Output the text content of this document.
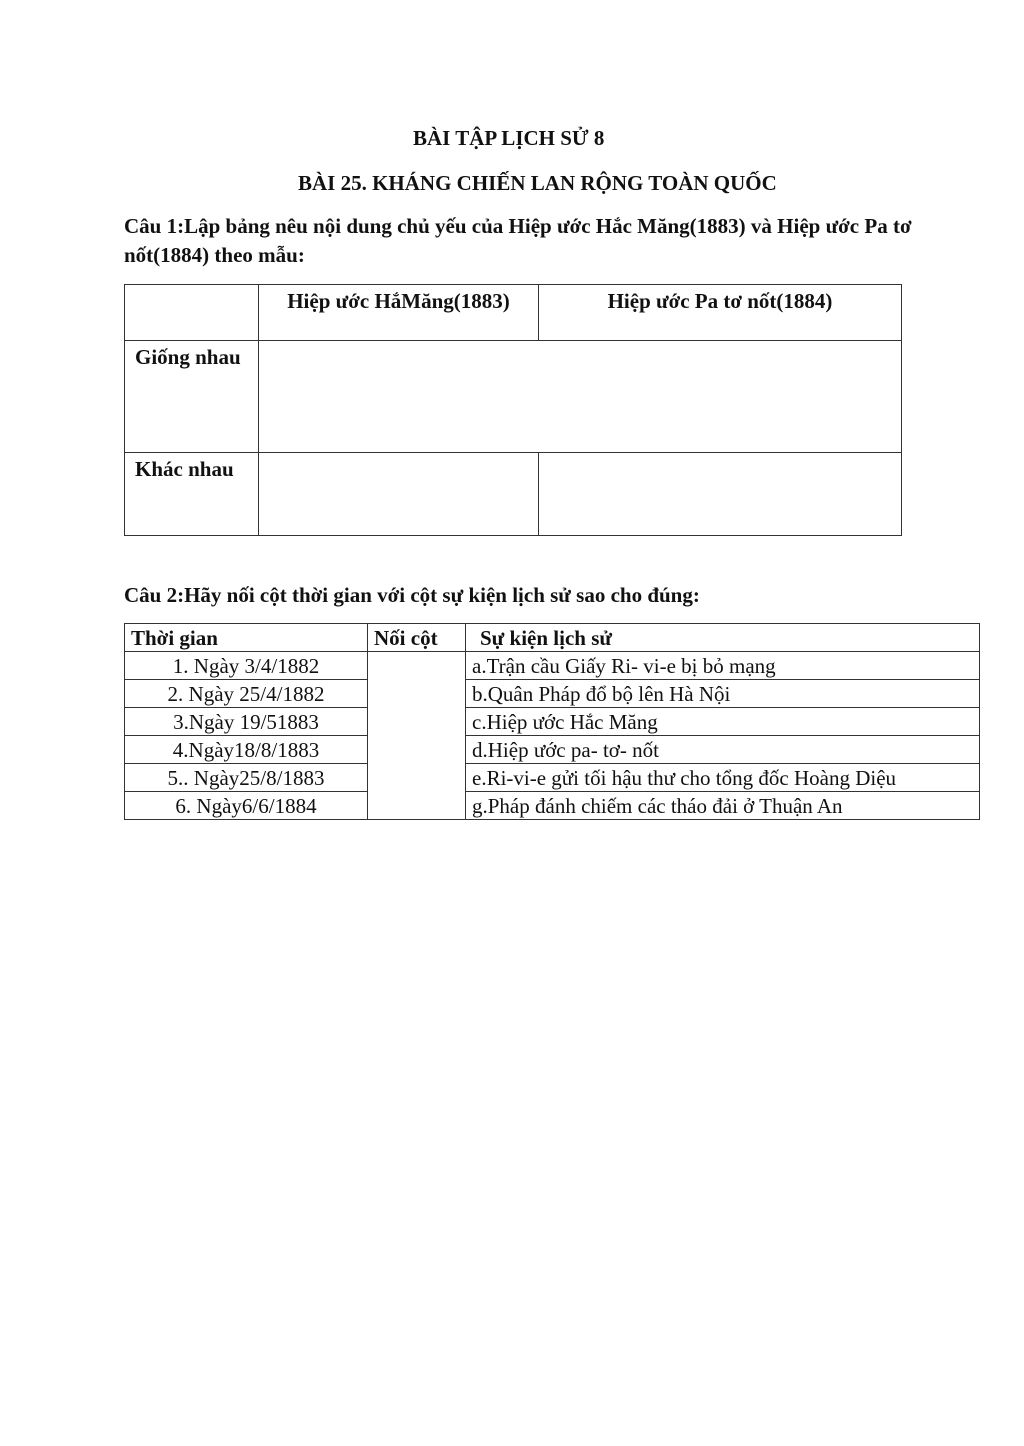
BÀI TẬP LỊCH SỬ 8
BÀI 25. KHÁNG CHIẾN LAN RỘNG TOÀN QUỐC
Câu 1:Lập bảng nêu nội dung chủ yếu của Hiệp ước Hắc Măng(1883) và Hiệp ước Pa tơ nốt(1884) theo mẫu:
	Hiệp ước HắMăng(1883)	Hiệp ước Pa tơ nốt(1884)
Giống nhau		
Khác nhau		
Câu 2:Hãy nối cột thời gian với cột sự kiện lịch sử sao cho đúng:
Thời gian	Nối cột	Sự kiện lịch sử
1. Ngày 3/4/1882		a.Trận cầu Giấy Ri- vi-e bị bỏ mạng
2. Ngày 25/4/1882		b.Quân Pháp đổ bộ lên Hà Nội
3.Ngày 19/51883		c.Hiệp ước Hắc Măng
4.Ngày18/8/1883		d.Hiệp ước pa- tơ- nốt
5.. Ngày25/8/1883		e.Ri-vi-e gửi tối hậu thư cho tổng đốc Hoàng Diệu
6. Ngày6/6/1884		g.Pháp đánh chiếm các tháo đải ở Thuận An
